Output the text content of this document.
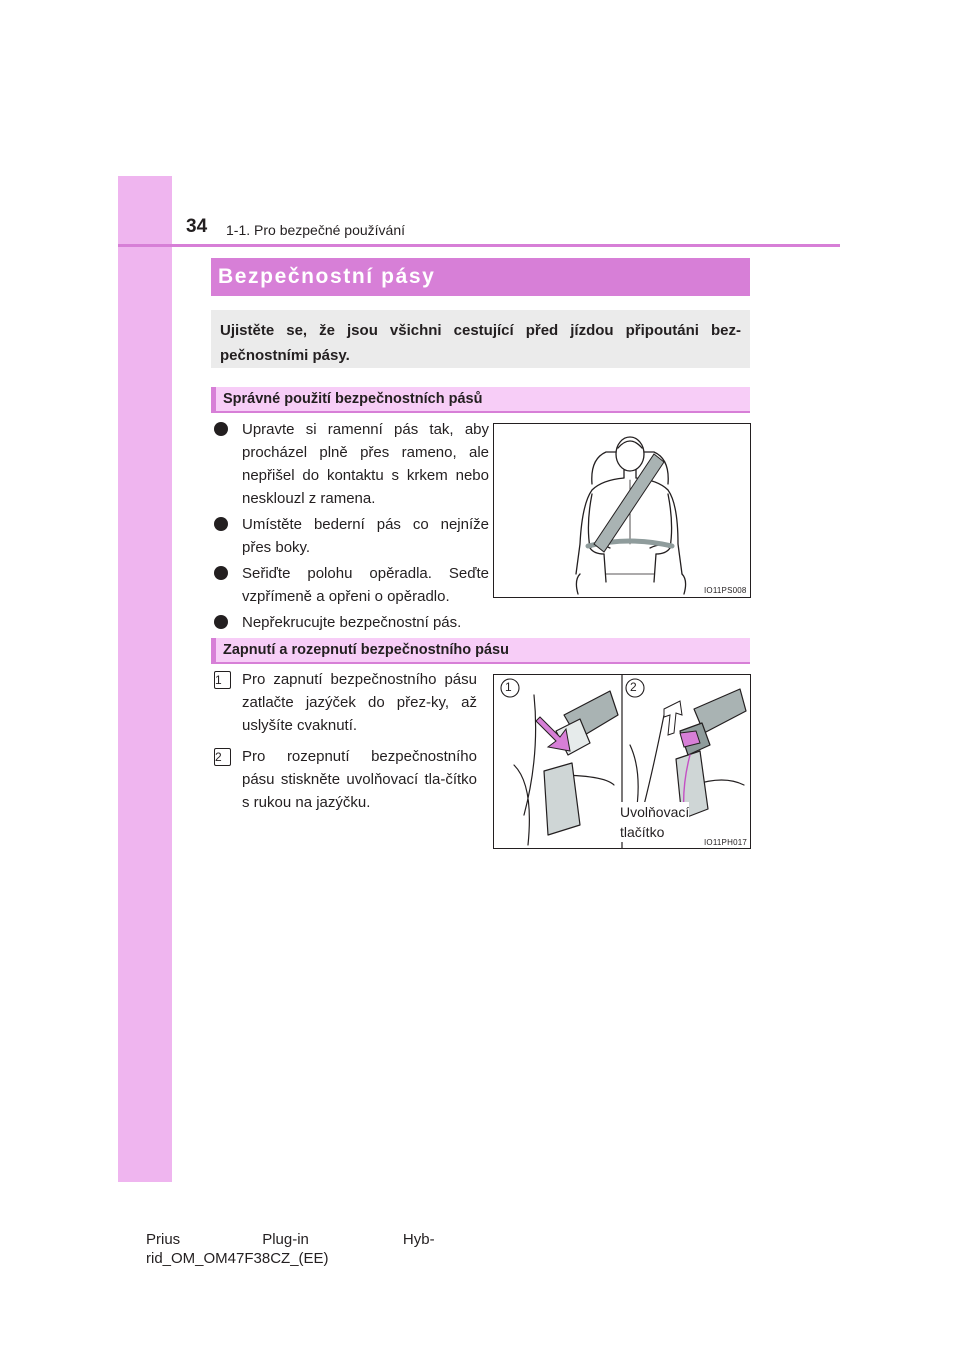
34 1-1. Pro bezpečné používání
Bezpečnostní pásy
Ujistěte se, že jsou všichni cestující před jízdou připoutáni bez-pečnostními pásy.
Správné použití bezpečnostních pásů
Upravte si ramenní pás tak, aby procházel plně přes rameno, ale nepřišel do kontaktu s krkem nebo nesklouzl z ramena.
Umístěte bederní pás co nejníže přes boky.
Seřiďte polohu opěradla. Seďte vzpřímeně a opřeni o opěradlo.
Nepřekrucujte bezpečnostní pás.
IO11PS008
Zapnutí a rozepnutí bezpečnostního pásu
1	Pro zapnutí bezpečnostního pásu zatlačte jazýček do přez-ky, až uslyšíte cvaknutí.
2	Pro rozepnutí bezpečnostního pásu stiskněte uvolňovací tla-čítko s rukou na jazýčku.
1	2
Uvolňovací
tlačítko
IO11PH017
Prius	Plug-in	Hyb-
rid_OM_OM47F38CZ_(EE)
